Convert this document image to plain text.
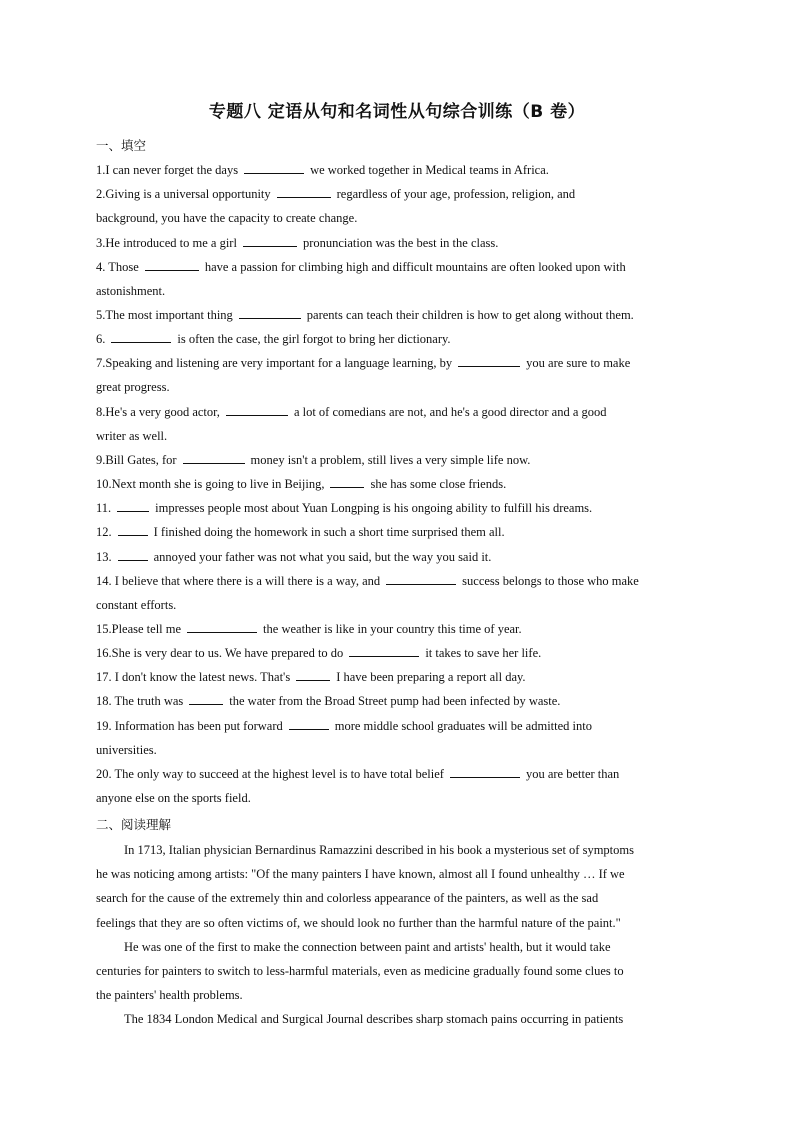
专题八 定语从句和名词性从句综合训练（B 卷）
一、填空
1.I can never forget the days	we worked together in Medical teams in Africa.
2.Giving is a universal opportunity	regardless of your age, profession, religion, and
background, you have the capacity to create change.
3.He introduced to me a girl	pronunciation was the best in the class.
4. Those	have a passion for climbing high and difficult mountains are often looked upon with
astonishment.
5.The most important thing	parents can teach their children is how to get along without them.
6.	is often the case, the girl forgot to bring her dictionary.
7.Speaking and listening are very important for a language learning, by	you are sure to make
great progress.
8.He's a very good actor,	a lot of comedians are not, and he's a good director and a good
writer as well.
9.Bill Gates, for	money isn't a problem, still lives a very simple life now.
10.Next month she is going to live in Beijing,	she has some close friends.
11.	impresses people most about Yuan Longping is his ongoing ability to fulfill his dreams.
12.	I finished doing the homework in such a short time surprised them all.
13.	annoyed your father was not what you said, but the way you said it.
14. I believe that where there is a will there is a way, and	success belongs to those who make
constant efforts.
15.Please tell me	the weather is like in your country this time of year.
16.She is very dear to us. We have prepared to do	it takes to save her life.
17. I don't know the latest news. That's	I have been preparing a report all day.
18. The truth was	the water from the Broad Street pump had been infected by waste.
19. Information has been put forward	more middle school graduates will be admitted into
universities.
20. The only way to succeed at the highest level is to have total belief	you are better than
anyone else on the sports field.
二、阅读理解
In 1713, Italian physician Bernardinus Ramazzini described in his book a mysterious set of symptoms
he was noticing among artists: "Of the many painters I have known, almost all I found unhealthy … If we
search for the cause of the extremely thin and colorless appearance of the painters, as well as the sad
feelings that they are so often victims of, we should look no further than the harmful nature of the paint."
He was one of the first to make the connection between paint and artists' health, but it would take
centuries for painters to switch to less-harmful materials, even as medicine gradually found some clues to
the painters' health problems.
The 1834 London Medical and Surgical Journal describes sharp stomach pains occurring in patients
